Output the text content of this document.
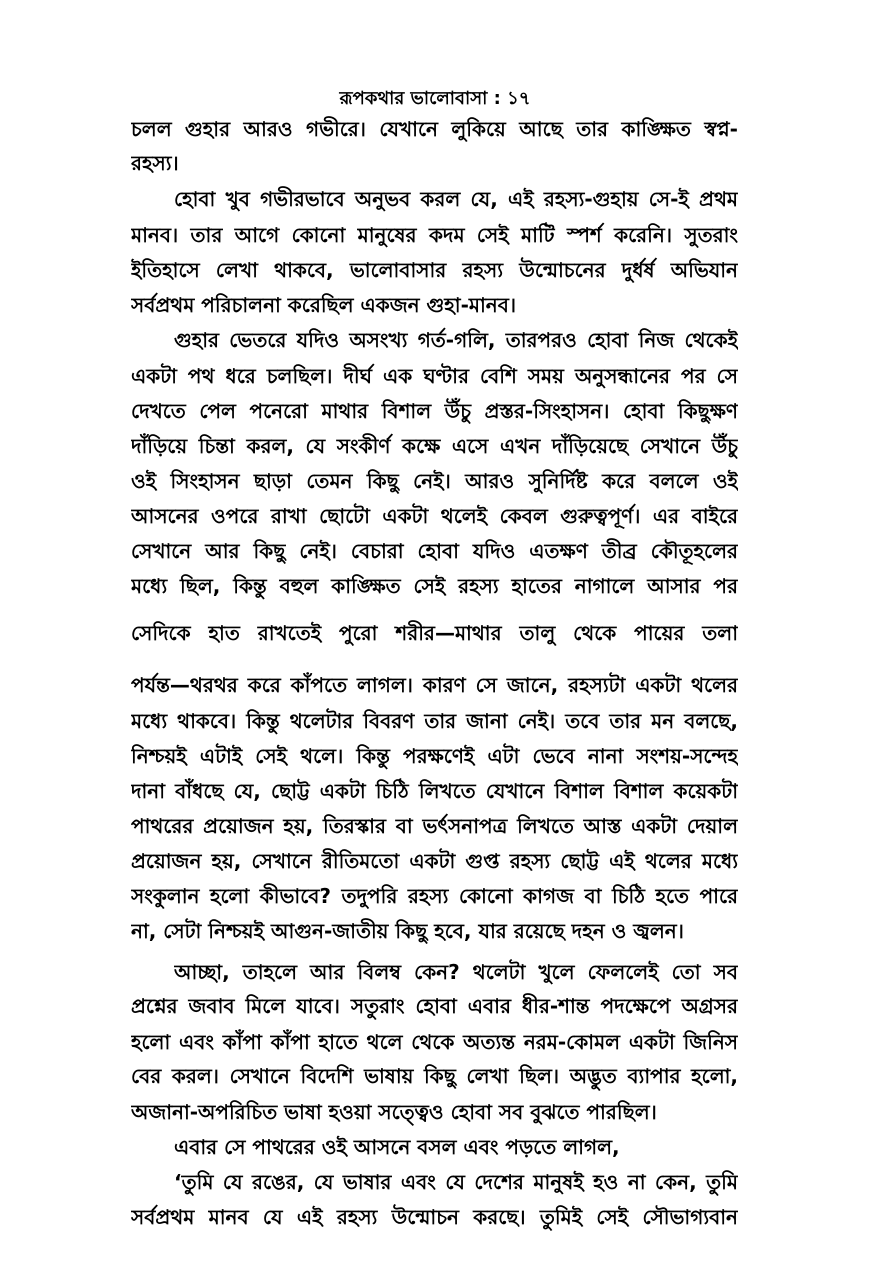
রূপকথার ভালোবাসা : ১৭
চলল গুহার আরও গভীরে। যেখানে লুকিয়ে আছে তার কাঙ্ক্ষিত স্বপ্ন-
রহস্য।
হোবা খুব গভীরভাবে অনুভব করল যে, এই রহস্য-গুহায় সে-ই প্রথম
মানব। তার আগে কোনো মানুষের কদম সেই মাটি স্পর্শ করেনি। সুতরাং
ইতিহাসে লেখা থাকবে, ভালোবাসার রহস্য উন্মোচনের দুর্ধর্ষ অভিযান
সর্বপ্রথম পরিচালনা করেছিল একজন গুহা-মানব।
গুহার ভেতরে যদিও অসংখ্য গর্ত-গলি, তারপরও হোবা নিজ থেকেই
একটা পথ ধরে চলছিল। দীর্ঘ এক ঘণ্টার বেশি সময় অনুসন্ধানের পর সে
দেখতে পেল পনেরো মাথার বিশাল উঁচু প্রস্তর-সিংহাসন। হোবা কিছুক্ষণ
দাঁড়িয়ে চিন্তা করল, যে সংকীর্ণ কক্ষে এসে এখন দাঁড়িয়েছে সেখানে উঁচু
ওই সিংহাসন ছাড়া তেমন কিছু নেই। আরও সুনির্দিষ্ট করে বললে ওই
আসনের ওপরে রাখা ছোটো একটা থলেই কেবল গুরুত্বপূর্ণ। এর বাইরে
সেখানে আর কিছু নেই। বেচারা হোবা যদিও এতক্ষণ তীব্র কৌতূহলের
মধ্যে ছিল, কিন্তু বহুল কাঙ্ক্ষিত সেই রহস্য হাতের নাগালে আসার পর
সেদিকে হাত রাখতেই পুরো শরীর—মাথার তালু থেকে পায়ের তলা
পর্যন্ত—থরথর করে কাঁপতে লাগল। কারণ সে জানে, রহস্যটা একটা থলের
মধ্যে থাকবে। কিন্তু থলেটার বিবরণ তার জানা নেই। তবে তার মন বলছে,
নিশ্চয়ই এটাই সেই থলে। কিন্তু পরক্ষণেই এটা ভেবে নানা সংশয়-সন্দেহ
দানা বাঁধছে যে, ছোট্ট একটা চিঠি লিখতে যেখানে বিশাল বিশাল কয়েকটা
পাথরের প্রয়োজন হয়, তিরস্কার বা ভর্ৎসনাপত্র লিখতে আস্ত একটা দেয়াল
প্রয়োজন হয়, সেখানে রীতিমতো একটা গুপ্ত রহস্য ছোট্ট এই থলের মধ্যে
সংকুলান হলো কীভাবে? তদুপরি রহস্য কোনো কাগজ বা চিঠি হতে পারে
না, সেটা নিশ্চয়ই আগুন-জাতীয় কিছু হবে, যার রয়েছে দহন ও জ্বলন।
আচ্ছা, তাহলে আর বিলম্ব কেন? থলেটা খুলে ফেললেই তো সব
প্রশ্নের জবাব মিলে যাবে। সতুরাং হোবা এবার ধীর-শান্ত পদক্ষেপে অগ্রসর
হলো এবং কাঁপা কাঁপা হাতে থলে থেকে অত্যন্ত নরম-কোমল একটা জিনিস
বের করল। সেখানে বিদেশি ভাষায় কিছু লেখা ছিল। অদ্ভুত ব্যাপার হলো,
অজানা-অপরিচিত ভাষা হওয়া সত্ত্বেও হোবা সব বুঝতে পারছিল।
এবার সে পাথরের ওই আসনে বসল এবং পড়তে লাগল,
‘তুমি যে রঙের, যে ভাষার এবং যে দেশের মানুষই হও না কেন, তুমি
সর্বপ্রথম মানব যে এই রহস্য উন্মোচন করছে। তুমিই সেই সৌভাগ্যবান
